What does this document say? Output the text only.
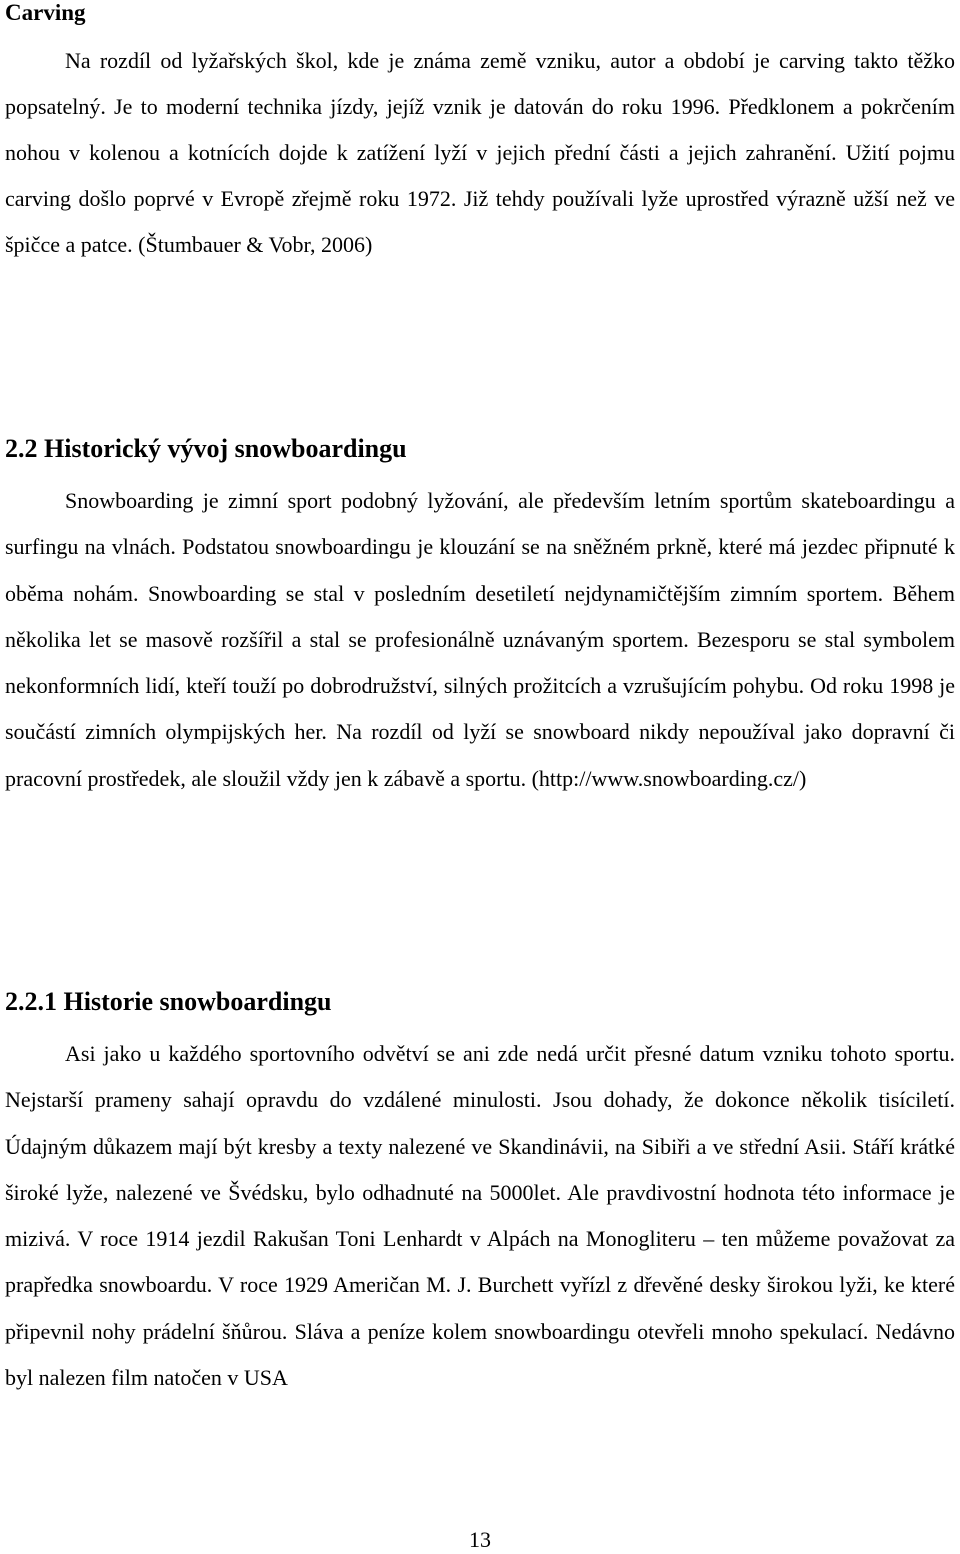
Carving

Na rozdíl od lyžařských škol, kde je známa země vzniku, autor a období je carving takto těžko popsatelný. Je to moderní technika jízdy, jejíž vznik je datován do roku 1996. Předklonem a pokrčením nohou v kolenou a kotnících dojde k zatížení lyží v jejich přední části a jejich zahranění. Užití pojmu carving došlo poprvé v Evropě zřejmě roku 1972. Již tehdy používali lyže uprostřed výrazně užší než ve špičce a patce. (Štumbauer & Vobr, 2006)

2.2 Historický vývoj snowboardingu

Snowboarding je zimní sport podobný lyžování, ale především letním sportům skateboardingu a surfingu na vlnách. Podstatou snowboardingu je klouzání se na sněžném prkně, které má jezdec připnuté k oběma nohám. Snowboarding se stal v posledním desetiletí nejdynamičtějším zimním sportem. Během několika let se masově rozšířil a stal se profesionálně uznávaným sportem. Bezesporu se stal symbolem nekonformních lidí, kteří touží po dobrodružství, silných prožitcích a vzrušujícím pohybu. Od roku 1998 je součástí zimních olympijských her. Na rozdíl od lyží se snowboard nikdy nepoužíval jako dopravní či pracovní prostředek, ale sloužil vždy jen k zábavě a sportu. (http://www.snowboarding.cz/)

2.2.1 Historie snowboardingu

Asi jako u každého sportovního odvětví se ani zde nedá určit přesné datum vzniku tohoto sportu. Nejstarší prameny sahají opravdu do vzdálené minulosti. Jsou dohady, že dokonce několik tisíciletí. Údajným důkazem mají být kresby a texty nalezené ve Skandinávii, na Sibiři a ve střední Asii. Stáří krátké široké lyže, nalezené ve Švédsku, bylo odhadnuté na 5000let. Ale pravdivostní hodnota této informace je mizivá. V roce 1914 jezdil Rakušan Toni Lenhardt v Alpách na Monogliteru – ten můžeme považovat za prapředka snowboardu. V roce 1929 Američan M. J. Burchett vyřízl z dřevěné desky širokou lyži, ke které připevnil nohy prádelní šňůrou. Sláva a peníze kolem snowboardingu otevřeli mnoho spekulací. Nedávno byl nalezen film natočen v USA

13
